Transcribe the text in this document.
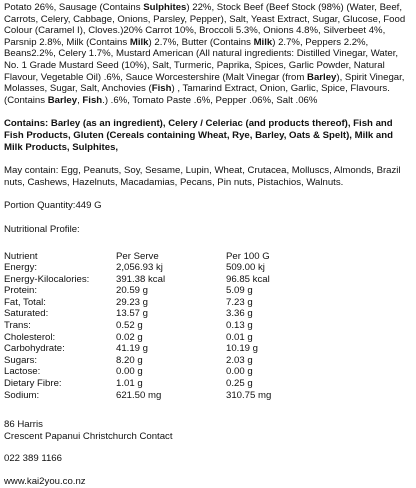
Potato 26%, Sausage (Contains Sulphites) 22%, Stock Beef (Beef Stock (98%) (Water, Beef, Carrots, Celery, Cabbage, Onions, Parsley, Pepper), Salt, Yeast Extract, Sugar, Glucose, Food Colour (Caramel I), Cloves.)20% Carrot 10%, Broccoli 5.3%, Onions 4.8%, Silverbeet 4%, Parsnip 2.8%, Milk (Contains Milk) 2.7%, Butter (Contains Milk) 2.7%, Peppers 2.2%, Beans2.2%, Celery 1.7%, Mustard American (All natural ingredients: Distilled Vinegar, Water, No. 1 Grade Mustard Seed (10%), Salt, Turmeric, Paprika, Spices, Garlic Powder, Natural Flavour, Vegetable Oil) .6%, Sauce Worcestershire (Malt Vinegar (from Barley), Spirit Vinegar, Molasses, Sugar, Salt, Anchovies (Fish) , Tamarind Extract, Onion, Garlic, Spice, Flavours. (Contains Barley, Fish.) .6%, Tomato Paste .6%, Pepper .06%, Salt .06%

Contains: Barley (as an ingredient), Celery / Celeriac (and products thereof), Fish and Fish Products, Gluten (Cereals containing Wheat, Rye, Barley, Oats & Spelt), Milk and Milk Products, Sulphites,
May contain: Egg, Peanuts, Soy, Sesame, Lupin, Wheat, Crutacea, Molluscs, Almonds, Brazil nuts, Cashews, Hazelnuts, Macadamias, Pecans, Pin nuts, Pistachios, Walnuts.
Portion Quantity:449 G
Nutritional Profile:
Nutrient	Per Serve	Per 100 G
Energy:	2,056.93 kj	509.00 kj
Energy-Kilocalories:	391.38 kcal	96.85 kcal
Protein:	20.59 g	5.09 g
Fat, Total:	29.23 g	7.23 g
Saturated:	13.57 g	3.36 g
Trans:	0.52 g	0.13 g
Cholesterol:	0.02 g	0.01 g
Carbohydrate:	41.19 g	10.19 g
Sugars:	8.20 g	2.03 g
Lactose:	0.00 g	0.00 g
Dietary Fibre:	1.01 g	0.25 g
Sodium:	621.50 mg	310.75 mg
86 Harris
Crescent Papanui Christchurch Contact
022 389 1166
www.kai2you.co.nz
